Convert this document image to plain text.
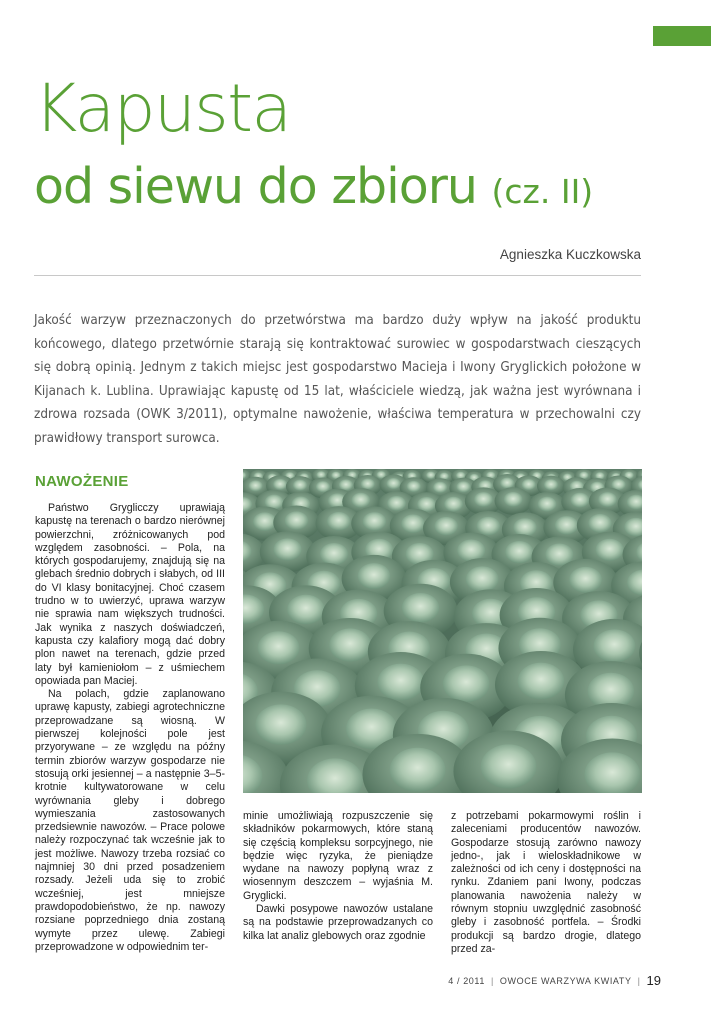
Kapusta
od siewu do zbioru (cz. II)
Agnieszka Kuczkowska

Jakość warzyw przeznaczonych do przetwórstwa ma bardzo duży wpływ na jakość produktu końcowego, dlatego przetwórnie starają się kontraktować surowiec w gospodarstwach cieszących się dobrą opinią. Jednym z takich miejsc jest gospodarstwo Macieja i Iwony Gryglickich położone w Kijanach k. Lublina. Uprawiając kapustę od 15 lat, właściciele wiedzą, jak ważna jest wyrównana i zdrowa rozsada (OWK 3/2011), optymalne nawożenie, właściwa temperatura w przechowalni czy prawidłowy transport surowca.

NAWOŻENIE

Państwo Gryglicczy uprawiają kapustę na terenach o bardzo nierównej powierzchni, zróżnicowanych pod względem zasobności. – Pola, na których gospodarujemy, znajdują się na glebach średnio dobrych i słabych, od III do VI klasy bonitacyjnej. Choć czasem trudno w to uwierzyć, uprawa warzyw nie sprawia nam większych trudności. Jak wynika z naszych doświadczeń, kapusta czy kalafiory mogą dać dobry plon nawet na terenach, gdzie przed laty był kamieniołom – z uśmiechem opowiada pan Maciej.

Na polach, gdzie zaplanowano uprawę kapusty, zabiegi agrotechniczne przeprowadzane są wiosną. W pierwszej kolejności pole jest przyorywane – ze względu na późny termin zbiorów warzyw gospodarze nie stosują orki jesiennej – a następnie 3–5-krotnie kultywatorowane w celu wyrównania gleby i dobrego wymieszania zastosowanych przedsiewnie nawozów. – Prace polowe należy rozpoczynać tak wcześnie jak to jest możliwe. Nawozy trzeba rozsiać co najmniej 30 dni przed posadzeniem rozsady. Jeżeli uda się to zrobić wcześniej, jest mniejsze prawdopodobieństwo, że np. nawozy rozsiane poprzedniego dnia zostaną wymyte przez ulewę. Zabiegi przeprowadzone w odpowiednim ter-

minie umożliwiają rozpuszczenie się składników pokarmowych, które staną się częścią kompleksu sorpcyjnego, nie będzie więc ryzyka, że pieniądze wydane na nawozy popłyną wraz z wiosennym deszczem – wyjaśnia M. Gryglicki.

Dawki posypowe nawozów ustalane są na podstawie przeprowadzanych co kilka lat analiz glebowych oraz zgodnie

z potrzebami pokarmowymi roślin i zaleceniami producentów nawozów. Gospodarze stosują zarówno nawozy jedno-, jak i wieloskładnikowe w zależności od ich ceny i dostępności na rynku. Zdaniem pani Iwony, podczas planowania nawożenia należy w równym stopniu uwzględnić zasobność gleby i zasobność portfela. – Środki produkcji są bardzo drogie, dlatego przed za-

4 / 2011 | OWOCE WARZYWA KWIATY | 19
